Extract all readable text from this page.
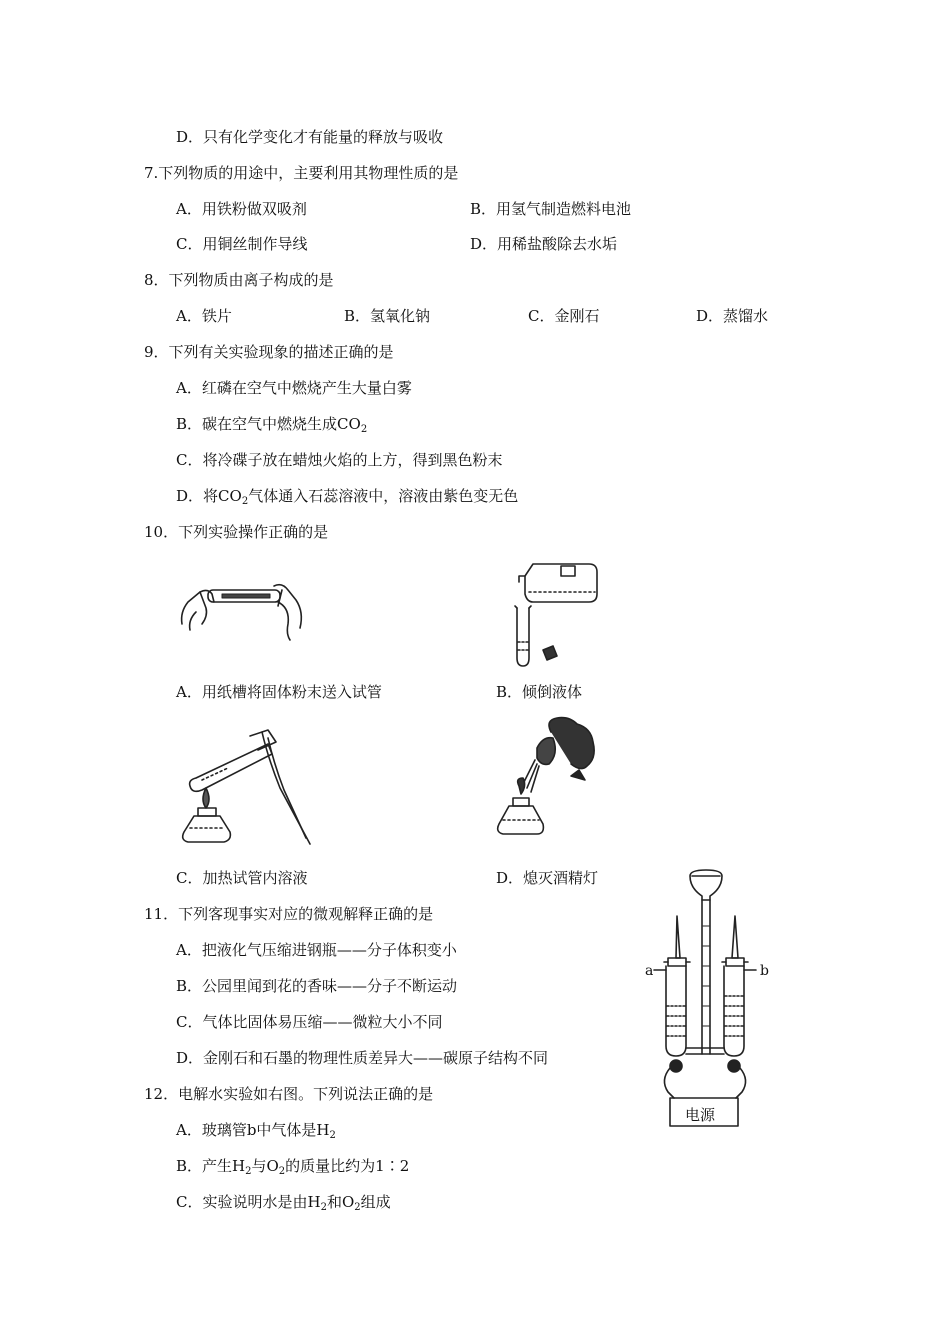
D．只有化学变化才有能量的释放与吸收
7.下列物质的用途中，主要利用其物理性质的是
A．用铁粉做双吸剂	B．用氢气制造燃料电池
C．用铜丝制作导线	D．用稀盐酸除去水垢
8．下列物质由离子构成的是
A．铁片	B．氢氧化钠	C．金刚石	D．蒸馏水
9．下列有关实验现象的描述正确的是
A．红磷在空气中燃烧产生大量白雾
B．碳在空气中燃烧生成$CO_2$
C．将冷碟子放在蜡烛火焰的上方，得到黑色粉末
D．将$CO_2$气体通入石蕊溶液中，溶液由紫色变无色
10．下列实验操作正确的是
A．用纸槽将固体粉末送入试管	B．倾倒液体
C．加热试管内溶液	D．熄灭酒精灯
11．下列客现事实对应的微观解释正确的是
A．把液化气压缩进钢瓶——分子体积变小
B．公园里闻到花的香味——分子不断运动
C．气体比固体易压缩——微粒大小不同
D．金刚石和石墨的物理性质差异大——碳原子结构不同
12．电解水实验如右图。下列说法正确的是
A．玻璃管b中气体是$H_2$
B．产生$H_2$与$O_2$的质量比约为1∶2
C．实验说明水是由$H_2$和$O_2$组成
a	b
电源
